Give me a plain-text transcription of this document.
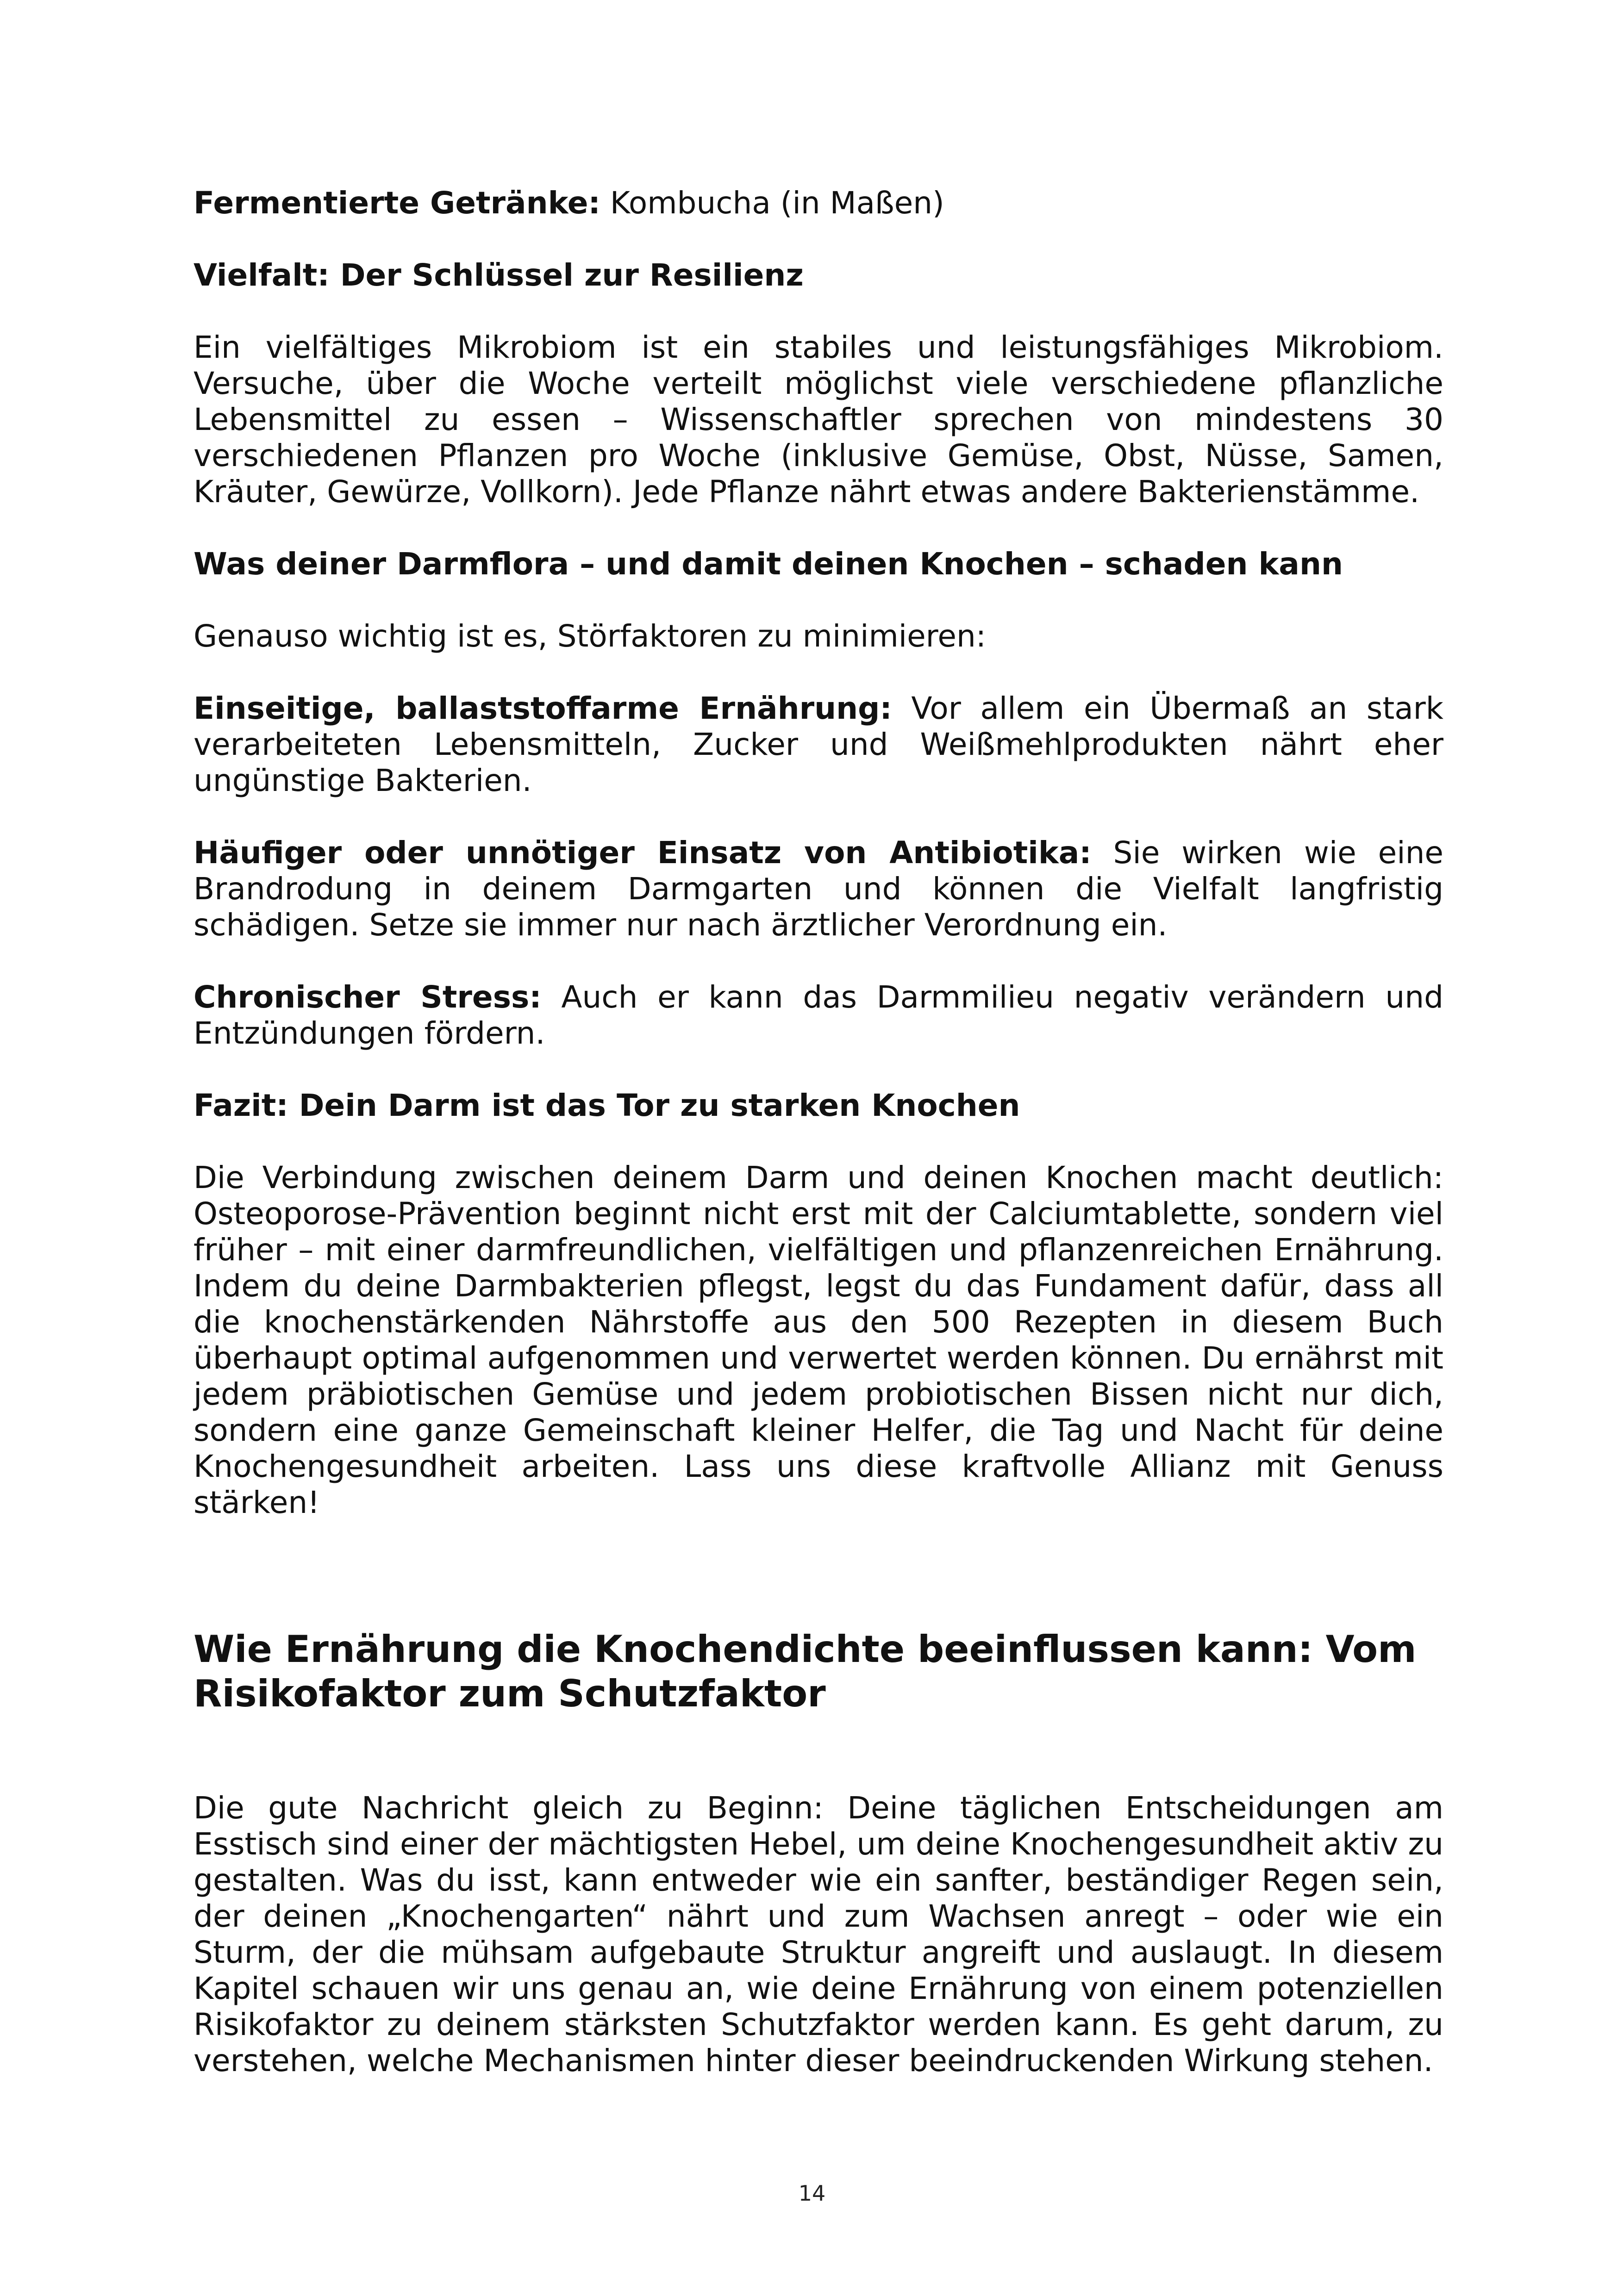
Fermentierte Getränke: Kombucha (in Maßen)

Vielfalt: Der Schlüssel zur Resilienz

Ein vielfältiges Mikrobiom ist ein stabiles und leistungsfähiges Mikrobiom. Versuche, über die Woche verteilt möglichst viele verschiedene pflanzliche Lebensmittel zu essen – Wissenschaftler sprechen von mindestens 30 verschiedenen Pflanzen pro Woche (inklusive Gemüse, Obst, Nüsse, Samen, Kräuter, Gewürze, Vollkorn). Jede Pflanze nährt etwas andere Bakterienstämme.

Was deiner Darmflora – und damit deinen Knochen – schaden kann

Genauso wichtig ist es, Störfaktoren zu minimieren:

Einseitige, ballaststoffarme Ernährung: Vor allem ein Übermaß an stark verarbeiteten Lebensmitteln, Zucker und Weißmehlprodukten nährt eher ungünstige Bakterien.

Häufiger oder unnötiger Einsatz von Antibiotika: Sie wirken wie eine Brandrodung in deinem Darmgarten und können die Vielfalt langfristig schädigen. Setze sie immer nur nach ärztlicher Verordnung ein.

Chronischer Stress: Auch er kann das Darmmilieu negativ verändern und Entzündungen fördern.

Fazit: Dein Darm ist das Tor zu starken Knochen

Die Verbindung zwischen deinem Darm und deinen Knochen macht deutlich: Osteoporose-Prävention beginnt nicht erst mit der Calciumtablette, sondern viel früher – mit einer darmfreundlichen, vielfältigen und pflanzenreichen Ernährung. Indem du deine Darmbakterien pflegst, legst du das Fundament dafür, dass all die knochenstärkenden Nährstoffe aus den 500 Rezepten in diesem Buch überhaupt optimal aufgenommen und verwertet werden können. Du ernährst mit jedem präbiotischen Gemüse und jedem probiotischen Bissen nicht nur dich, sondern eine ganze Gemeinschaft kleiner Helfer, die Tag und Nacht für deine Knochengesundheit arbeiten. Lass uns diese kraftvolle Allianz mit Genuss stärken!

Wie Ernährung die Knochendichte beeinflussen kann: Vom Risikofaktor zum Schutzfaktor

Die gute Nachricht gleich zu Beginn: Deine täglichen Entscheidungen am Esstisch sind einer der mächtigsten Hebel, um deine Knochengesundheit aktiv zu gestalten. Was du isst, kann entweder wie ein sanfter, beständiger Regen sein, der deinen „Knochengarten“ nährt und zum Wachsen anregt – oder wie ein Sturm, der die mühsam aufgebaute Struktur angreift und auslaugt. In diesem Kapitel schauen wir uns genau an, wie deine Ernährung von einem potenziellen Risikofaktor zu deinem stärksten Schutzfaktor werden kann. Es geht darum, zu verstehen, welche Mechanismen hinter dieser beeindruckenden Wirkung stehen.

14
